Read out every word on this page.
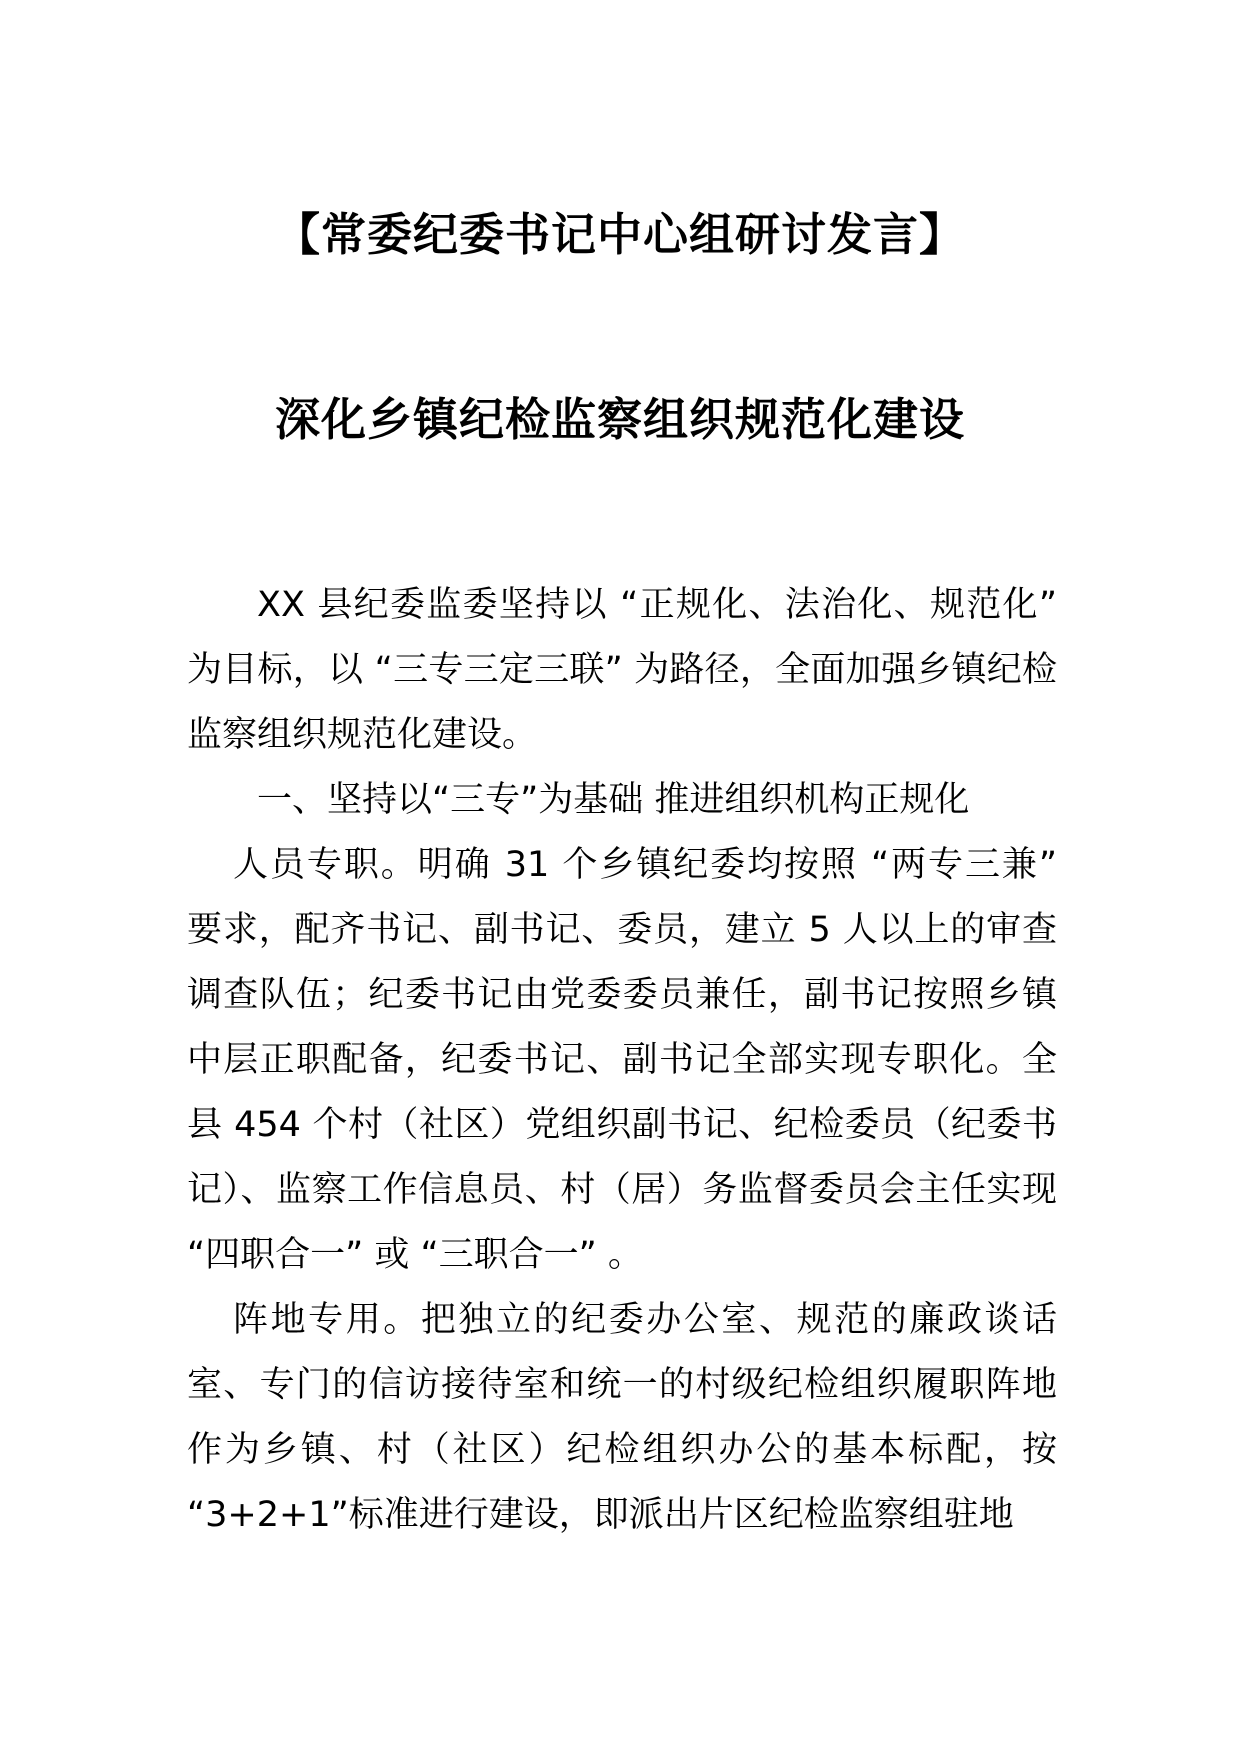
【常委纪委书记中心组研讨发言】
深化乡镇纪检监察组织规范化建设

XX 县纪委监委坚持以 “正规化、法治化、规范化” 为目标，以 “三专三定三联” 为路径，全面加强乡镇纪检监察组织规范化建设。

一、坚持以“三专”为基础 推进组织机构正规化

人员专职。明确 31 个乡镇纪委均按照 “两专三兼” 要求，配齐书记、副书记、委员，建立 5 人以上的审查调查队伍；纪委书记由党委委员兼任，副书记按照乡镇中层正职配备，纪委书记、副书记全部实现专职化。全县 454 个村（社区）党组织副书记、纪检委员（纪委书记）、监察工作信息员、村（居）务监督委员会主任实现 “四职合一” 或 “三职合一” 。

阵地专用。把独立的纪委办公室、规范的廉政谈话室、专门的信访接待室和统一的村级纪检组织履职阵地作为乡镇、村（社区）纪检组织办公的基本标配，按 “3+2+1”标准进行建设，即派出片区纪检监察组驻地
